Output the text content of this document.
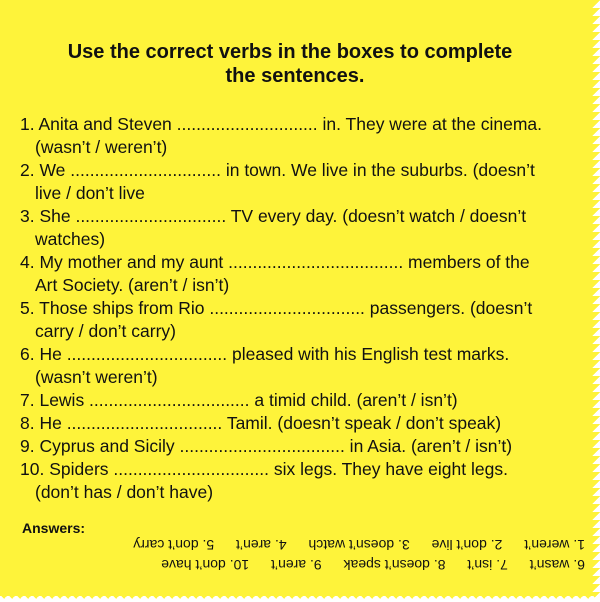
Use the correct verbs in the boxes to complete
the sentences.
1. Anita and Steven ............................. in. They were at the cinema.
(wasn’t / weren’t)
2. We ............................... in town. We live in the suburbs. (doesn’t
live / don’t live
3. She ............................... TV every day. (doesn’t watch / doesn’t
watches)
4. My mother and my aunt .................................... members of the
Art Society. (aren’t / isn’t)
5. Those ships from Rio ................................ passengers. (doesn’t
carry / don’t carry)
6. He ................................. pleased with his English test marks.
(wasn’t weren’t)
7. Lewis ................................. a timid child. (aren’t / isn’t)
8. He ................................ Tamil. (doesn’t speak / don’t speak)
9. Cyprus and Sicily .................................. in Asia. (aren’t / isn’t)
10. Spiders ................................ six legs. They have eight legs.
(don’t has / don’t have)
Answers:
6. wasn’t 7. isn’t 8. doesn’t speak 9. aren’t 10. don’t have
1. weren’t 2. don’t live 3. doesn’t watch 4. aren’t 5. don’t carry
